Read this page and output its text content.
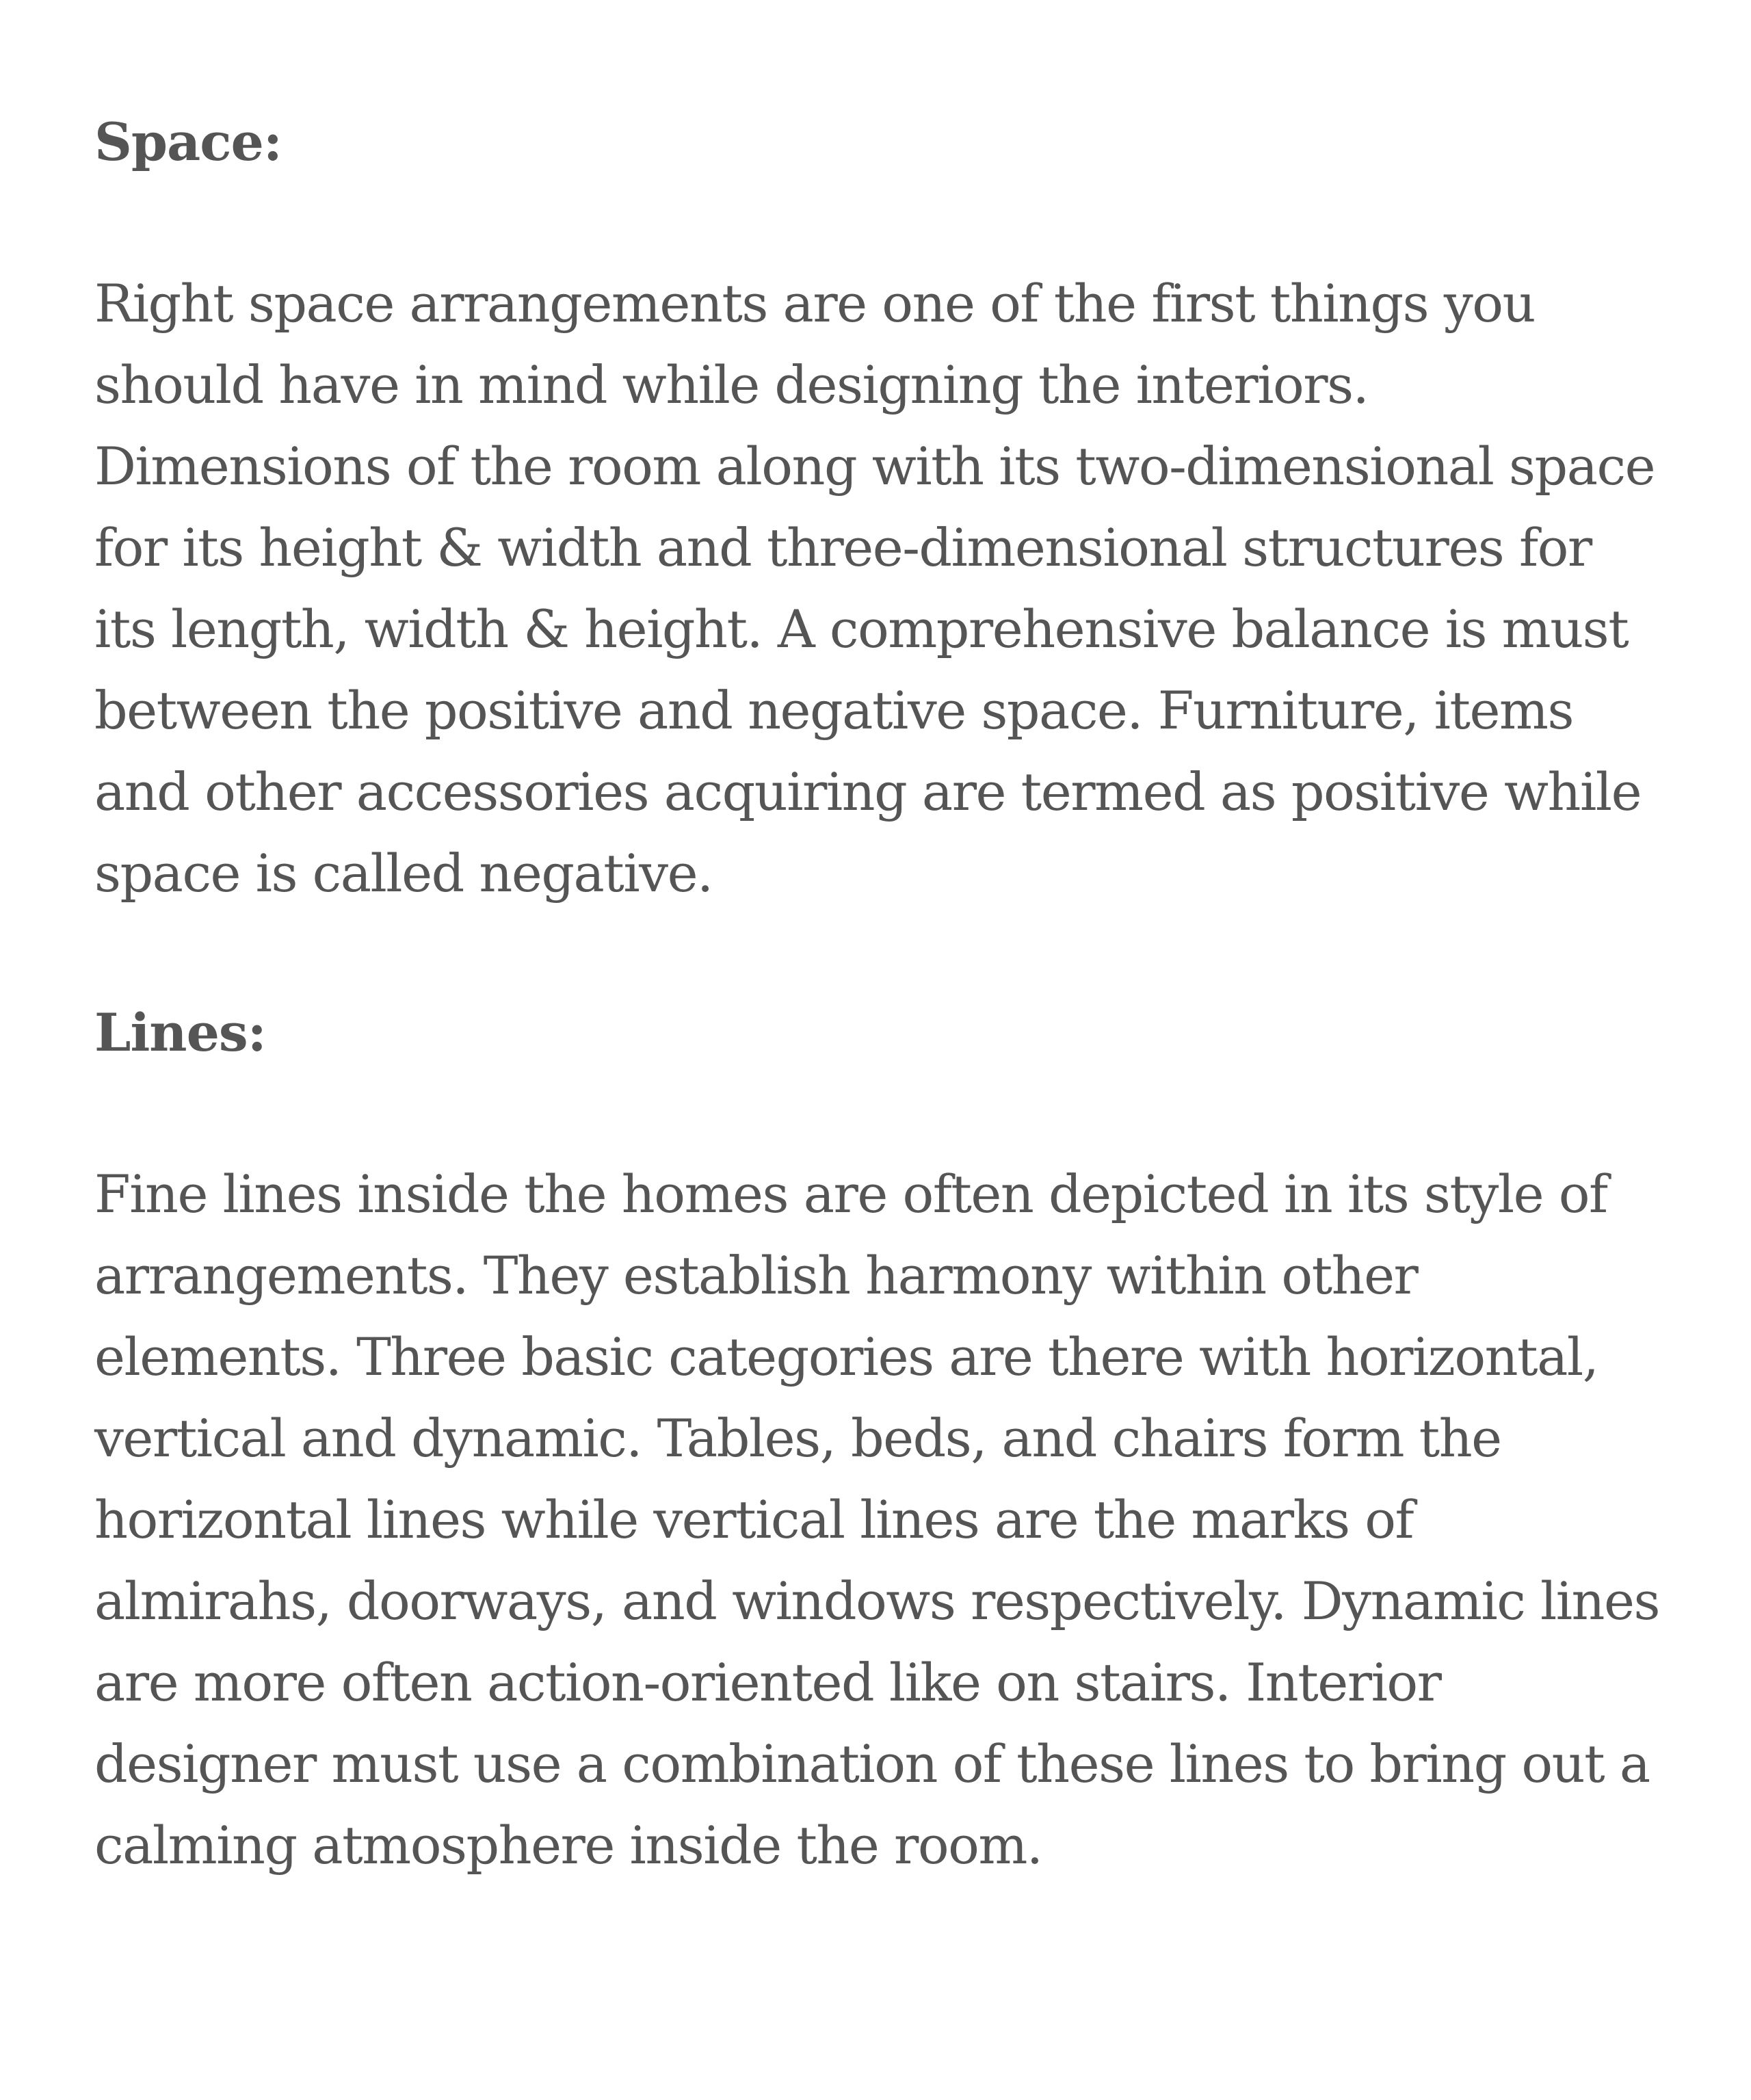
Space:

Right space arrangements are one of the first things you should have in mind while designing the interiors. Dimensions of the room along with its two-dimensional space for its height & width and three-dimensional structures for its length, width & height. A comprehensive balance is must between the positive and negative space. Furniture, items and other accessories acquiring are termed as positive while space is called negative.

Lines:

Fine lines inside the homes are often depicted in its style of arrangements. They establish harmony within other elements. Three basic categories are there with horizontal, vertical and dynamic. Tables, beds, and chairs form the horizontal lines while vertical lines are the marks of almirahs, doorways, and windows respectively. Dynamic lines are more often action-oriented like on stairs. Interior designer must use a combination of these lines to bring out a calming atmosphere inside the room.
